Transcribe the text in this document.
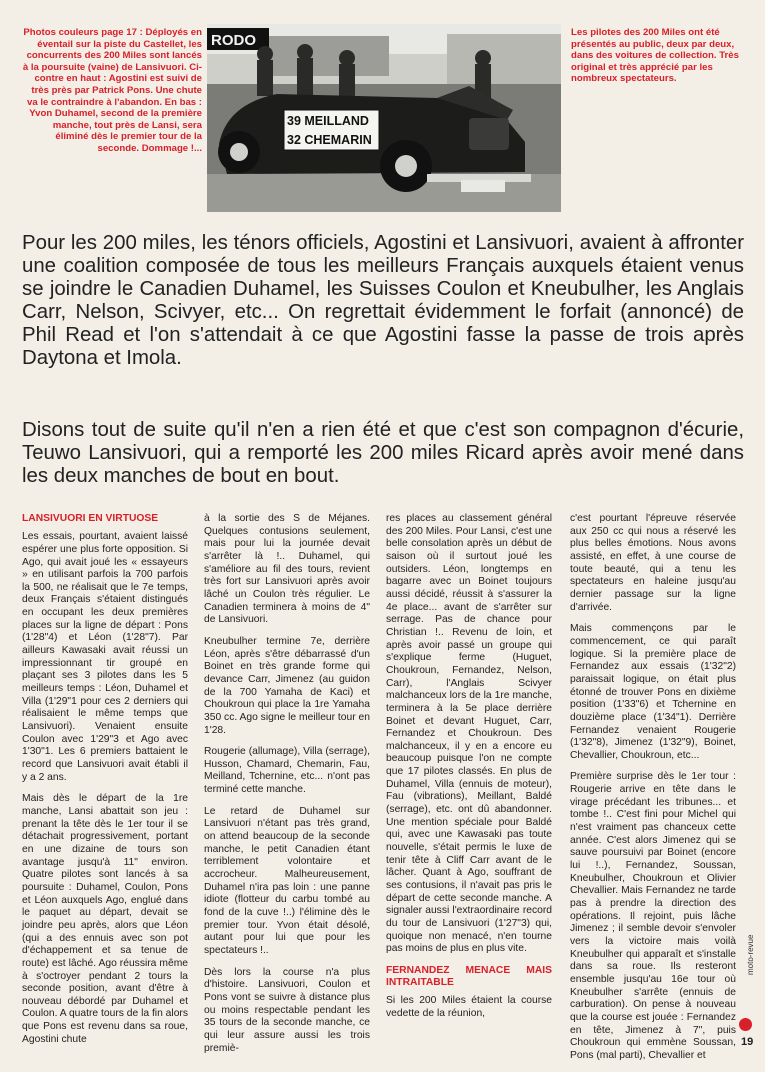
Photos couleurs page 17 : Déployés en éventail sur la piste du Castellet, les concurrents des 200 Miles sont lancés à la poursuite (vaine) de Lansivuori. Ci-contre en haut : Agostini est suivi de très près par Patrick Pons. Une chute va le contraindre à l'abandon. En bas : Yvon Duhamel, second de la première manche, tout près de Lansi, sera éliminé dès le premier tour de la seconde. Dommage !...

RODO
39 MEILLAND
32 CHEMARIN

Les pilotes des 200 Miles ont été présentés au public, deux par deux, dans des voitures de collection. Très original et très apprécié par les nombreux spectateurs.

Pour les 200 miles, les ténors officiels, Agostini et Lansivuori, avaient à affronter une coalition composée de tous les meilleurs Français auxquels étaient venus se joindre le Canadien Duhamel, les Suisses Coulon et Kneubulher, les Anglais Carr, Nelson, Scivyer, etc... On regrettait évidemment le forfait (annoncé) de Phil Read et l'on s'attendait à ce que Agostini fasse la passe de trois après Daytona et Imola.

Disons tout de suite qu'il n'en a rien été et que c'est son compagnon d'écurie, Teuwo Lansivuori, qui a remporté les 200 miles Ricard après avoir mené dans les deux manches de bout en bout.

LANSIVUORI EN VIRTUOSE

Les essais, pourtant, avaient laissé espérer une plus forte opposition. Si Ago, qui avait joué les « essayeurs » en utilisant parfois la 700 parfois la 500, ne réalisait que le 7e temps, deux Français s'étaient distingués en occupant les deux premières places sur la ligne de départ : Pons (1'28"4) et Léon (1'28"7). Par ailleurs Kawasaki avait réussi un impressionnant tir groupé en plaçant ses 3 pilotes dans les 5 meilleurs temps : Léon, Duhamel et Villa (1'29"1 pour ces 2 derniers qui réalisaient le même temps que Lansivuori). Venaient ensuite Coulon avec 1'29"3 et Ago avec 1'30"1. Les 6 premiers battaient le record que Lansivuori avait établi il y a 2 ans.

Mais dès le départ de la 1re manche, Lansi abattait son jeu : prenant la tête dès le 1er tour il se détachait progressivement, portant en une dizaine de tours son avantage jusqu'à 11" environ. Quatre pilotes sont lancés à sa poursuite : Duhamel, Coulon, Pons et Léon auxquels Ago, englué dans le paquet au départ, devait se joindre peu après, alors que Léon (qui a des ennuis avec son pot d'échappement et sa tenue de route) est lâché. Ago réussira même à s'octroyer pendant 2 tours la seconde position, avant d'être à nouveau débordé par Duhamel et Coulon. A quatre tours de la fin alors que Pons est revenu dans sa roue, Agostini chute

à la sortie des S de Méjanes. Quelques contusions seulement, mais pour lui la journée devait s'arrêter là !.. Duhamel, qui s'améliore au fil des tours, revient très fort sur Lansivuori après avoir lâché un Coulon très régulier. Le Canadien terminera à moins de 4" de Lansivuori.

Kneubulher termine 7e, derrière Léon, après s'être débarrassé d'un Boinet en très grande forme qui devance Carr, Jimenez (au guidon de la 700 Yamaha de Kaci) et Choukroun qui place la 1re Yamaha 350 cc. Ago signe le meilleur tour en 1'28.

Rougerie (allumage), Villa (serrage), Husson, Chamard, Chemarin, Fau, Meilland, Tchernine, etc... n'ont pas terminé cette manche.

Le retard de Duhamel sur Lansivuori n'étant pas très grand, on attend beaucoup de la seconde manche, le petit Canadien étant terriblement volontaire et accrocheur. Malheureusement, Duhamel n'ira pas loin : une panne idiote (flotteur du carbu tombé au fond de la cuve !..) l'élimine dès le premier tour. Yvon était désolé, autant pour lui que pour les spectateurs !..

Dès lors la course n'a plus d'histoire. Lansivuori, Coulon et Pons vont se suivre à distance plus ou moins respectable pendant les 35 tours de la seconde manche, ce qui leur assure aussi les trois premiè-

res places au classement général des 200 Miles. Pour Lansi, c'est une belle consolation après un début de saison où il surtout joué les outsiders. Léon, longtemps en bagarre avec un Boinet toujours aussi décidé, réussit à s'assurer la 4e place... avant de s'arrêter sur serrage. Pas de chance pour Christian !.. Revenu de loin, et après avoir passé un groupe qui s'explique ferme (Huguet, Choukroun, Fernandez, Nelson, Carr), l'Anglais Scivyer malchanceux lors de la 1re manche, terminera à la 5e place derrière Boinet et devant Huguet, Carr, Fernandez et Choukroun. Des malchanceux, il y en a encore eu beaucoup puisque l'on ne compte que 17 pilotes classés. En plus de Duhamel, Villa (ennuis de moteur), Fau (vibrations), Meillant, Baldé (serrage), etc. ont dû abandonner. Une mention spéciale pour Baldé qui, avec une Kawasaki pas toute nouvelle, s'était permis le luxe de tenir tête à Cliff Carr avant de le lâcher. Quant à Ago, souffrant de ses contusions, il n'avait pas pris le départ de cette seconde manche. A signaler aussi l'extraordinaire record du tour de Lansivuori (1'27"3) qui, quoique non menacé, n'en tourne pas moins de plus en plus vite.

FERNANDEZ MENACE MAIS INTRAITABLE

Si les 200 Miles étaient la course vedette de la réunion,

c'est pourtant l'épreuve réservée aux 250 cc qui nous a réservé les plus belles émotions. Nous avons assisté, en effet, à une course de toute beauté, qui a tenu les spectateurs en haleine jusqu'au dernier passage sur la ligne d'arrivée.

Mais commençons par le commencement, ce qui paraît logique. Si la première place de Fernandez aux essais (1'32"2) paraissait logique, on était plus étonné de trouver Pons en dixième position (1'33"6) et Tchernine en douzième place (1'34"1). Derrière Fernandez venaient Rougerie (1'32"8), Jimenez (1'32"9), Boinet, Chevallier, Choukroun, etc...

Première surprise dès le 1er tour : Rougerie arrive en tête dans le virage précédant les tribunes... et tombe !.. C'est fini pour Michel qui n'est vraiment pas chanceux cette année. C'est alors Jimenez qui se sauve poursuivi par Boinet (encore lui !..), Fernandez, Soussan, Kneubulher, Choukroun et Olivier Chevallier. Mais Fernandez ne tarde pas à prendre la direction des opérations. Il rejoint, puis lâche Jimenez ; il semble devoir s'envoler vers la victoire mais voilà Kneubulher qui apparaît et s'installe dans sa roue. Ils resteront ensemble jusqu'au 16e tour où Kneubulher s'arrête (ennuis de carburation). On pense à nouveau que la course est jouée : Fernandez en tête, Jimenez à 7", puis Choukroun qui emmène Soussan, Pons (mal parti), Chevallier et

moto-revue
19
